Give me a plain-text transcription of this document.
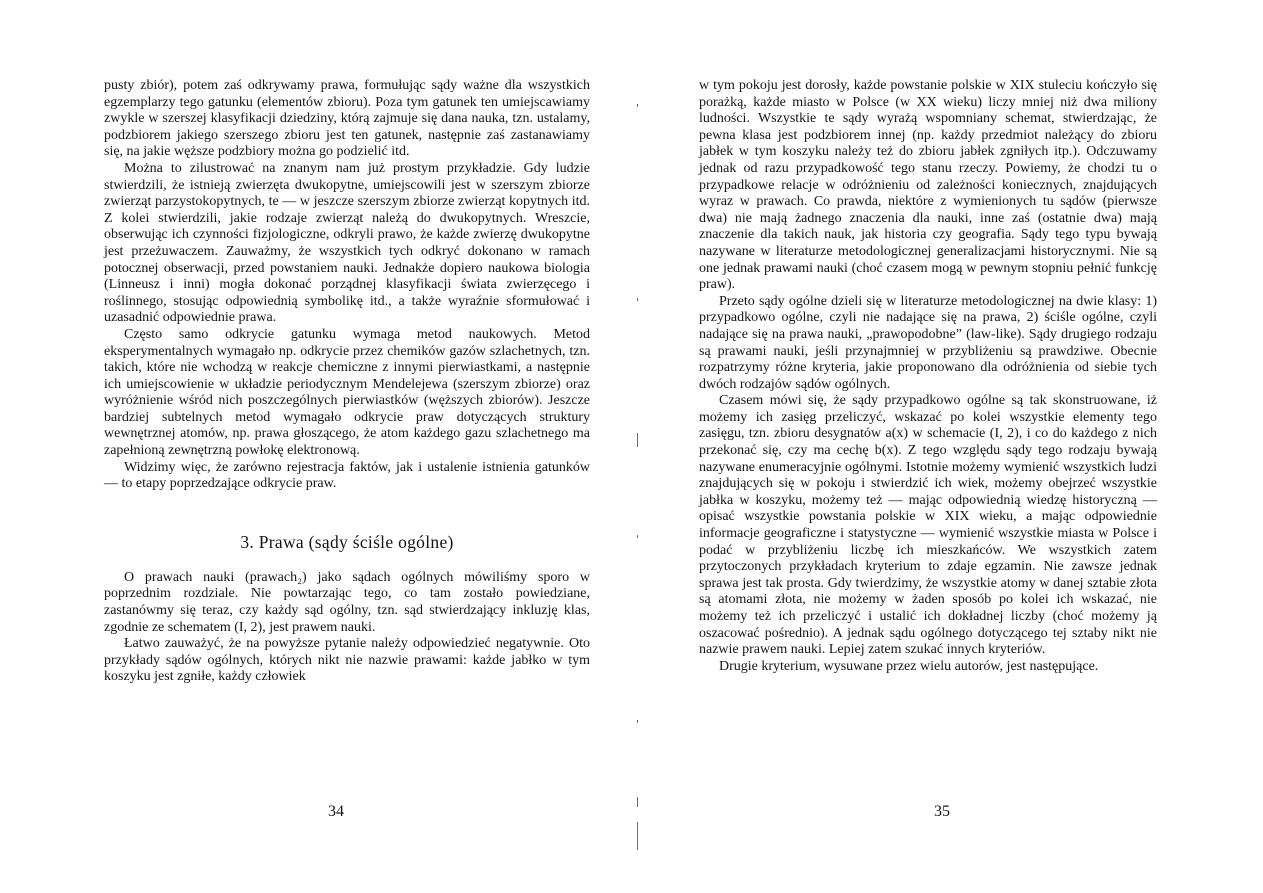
pusty zbiór), potem zaś odkrywamy prawa, formułując sądy ważne dla wszystkich egzemplarzy tego gatunku (elementów zbioru). Poza tym gatunek ten umiejscawiamy zwykle w szerszej klasyfikacji dziedziny, którą zajmuje się dana nauka, tzn. ustalamy, podzbiorem jakiego szerszego zbioru jest ten gatunek, następnie zaś zastanawiamy się, na jakie węższe podzbiory można go podzielić itd.

Można to zilustrować na znanym nam już prostym przykładzie. Gdy ludzie stwierdzili, że istnieją zwierzęta dwukopytne, umiejscowili jest w szerszym zbiorze zwierząt parzystokopytnych, te — w jeszcze szerszym zbiorze zwierząt kopytnych itd. Z kolei stwierdzili, jakie rodzaje zwierząt należą do dwukopytnych. Wreszcie, obserwując ich czynności fizjologiczne, odkryli prawo, że każde zwierzę dwukopytne jest przeżuwaczem. Zauważmy, że wszystkich tych odkryć dokonano w ramach potocznej obserwacji, przed powstaniem nauki. Jednakże dopiero naukowa biologia (Linneusz i inni) mogła dokonać porządnej klasyfikacji świata zwierzęcego i roślinnego, stosując odpowiednią symbolikę itd., a także wyraźnie sformułować i uzasadnić odpowiednie prawa.

Często samo odkrycie gatunku wymaga metod naukowych. Metod eksperymentalnych wymagało np. odkrycie przez chemików gazów szlachetnych, tzn. takich, które nie wchodzą w reakcje chemiczne z innymi pierwiastkami, a następnie ich umiejscowienie w układzie periodycznym Mendelejewa (szerszym zbiorze) oraz wyróżnienie wśród nich poszczególnych pierwiastków (węższych zbiorów). Jeszcze bardziej subtelnych metod wymagało odkrycie praw dotyczących struktury wewnętrznej atomów, np. prawa głoszącego, że atom każdego gazu szlachetnego ma zapełnioną zewnętrzną powłokę elektronową.

Widzimy więc, że zarówno rejestracja faktów, jak i ustalenie istnienia gatunków — to etapy poprzedzające odkrycie praw.

3. Prawa (sądy ściśle ogólne)

O prawach nauki (prawach₂) jako sądach ogólnych mówiliśmy sporo w poprzednim rozdziale. Nie powtarzając tego, co tam zostało powiedziane, zastanówmy się teraz, czy każdy sąd ogólny, tzn. sąd stwierdzający inkluzję klas, zgodnie ze schematem (I, 2), jest prawem nauki.

Łatwo zauważyć, że na powyższe pytanie należy odpowiedzieć negatywnie. Oto przykłady sądów ogólnych, których nikt nie nazwie prawami: każde jabłko w tym koszyku jest zgniłe, każdy człowiek

34

w tym pokoju jest dorosły, każde powstanie polskie w XIX stuleciu kończyło się porażką, każde miasto w Polsce (w XX wieku) liczy mniej niż dwa miliony ludności. Wszystkie te sądy wyrażą wspomniany schemat, stwierdzając, że pewna klasa jest podzbiorem innej (np. każdy przedmiot należący do zbioru jabłek w tym koszyku należy też do zbioru jabłek zgniłych itp.). Odczuwamy jednak od razu przypadkowość tego stanu rzeczy. Powiemy, że chodzi tu o przypadkowe relacje w odróżnieniu od zależności koniecznych, znajdujących wyraz w prawach. Co prawda, niektóre z wymienionych tu sądów (pierwsze dwa) nie mają żadnego znaczenia dla nauki, inne zaś (ostatnie dwa) mają znaczenie dla takich nauk, jak historia czy geografia. Sądy tego typu bywają nazywane w literaturze metodologicznej generalizacjami historycznymi. Nie są one jednak prawami nauki (choć czasem mogą w pewnym stopniu pełnić funkcję praw).

Przeto sądy ogólne dzieli się w literaturze metodologicznej na dwie klasy: 1) przypadkowo ogólne, czyli nie nadające się na prawa, 2) ściśle ogólne, czyli nadające się na prawa nauki, „prawopodobne” (law-like). Sądy drugiego rodzaju są prawami nauki, jeśli przynajmniej w przybliżeniu są prawdziwe. Obecnie rozpatrzymy różne kryteria, jakie proponowano dla odróżnienia od siebie tych dwóch rodzajów sądów ogólnych.

Czasem mówi się, że sądy przypadkowo ogólne są tak skonstruowane, iż możemy ich zasięg przeliczyć, wskazać po kolei wszystkie elementy tego zasięgu, tzn. zbioru desygnatów a(x) w schemacie (I, 2), i co do każdego z nich przekonać się, czy ma cechę b(x). Z tego względu sądy tego rodzaju bywają nazywane enumeracyjnie ogólnymi. Istotnie możemy wymienić wszystkich ludzi znajdujących się w pokoju i stwierdzić ich wiek, możemy obejrzeć wszystkie jabłka w koszyku, możemy też — mając odpowiednią wiedzę historyczną — opisać wszystkie powstania polskie w XIX wieku, a mając odpowiednie informacje geograficzne i statystyczne — wymienić wszystkie miasta w Polsce i podać w przybliżeniu liczbę ich mieszkańców. We wszystkich zatem przytoczonych przykładach kryterium to zdaje egzamin. Nie zawsze jednak sprawa jest tak prosta. Gdy twierdzimy, że wszystkie atomy w danej sztabie złota są atomami złota, nie możemy w żaden sposób po kolei ich wskazać, nie możemy też ich przeliczyć i ustalić ich dokładnej liczby (choć możemy ją oszacować pośrednio). A jednak sądu ogólnego dotyczącego tej sztaby nikt nie nazwie prawem nauki. Lepiej zatem szukać innych kryteriów.

Drugie kryterium, wysuwane przez wielu autorów, jest następujące.

35
